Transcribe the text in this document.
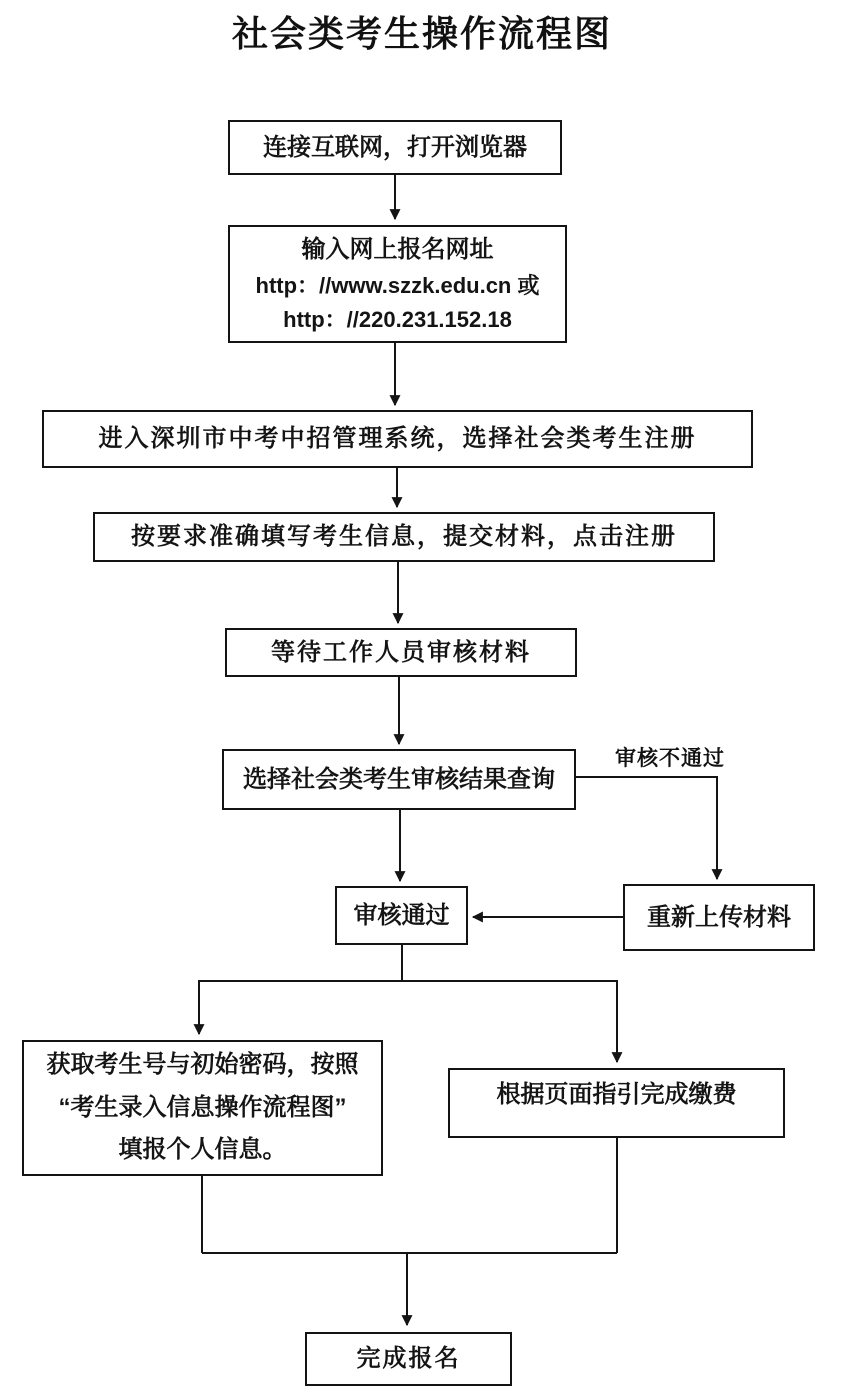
社会类考生操作流程图
连接互联网，打开浏览器
输入网上报名网址
http：//www.szzk.edu.cn 或
http：//220.231.152.18
进入深圳市中考中招管理系统，选择社会类考生注册
按要求准确填写考生信息，提交材料，点击注册
等待工作人员审核材料
选择社会类考生审核结果查询
审核通过	重新上传材料
获取考生号与初始密码，按照
“考生录入信息操作流程图”
填报个人信息。
根据页面指引完成缴费
完成报名
审核不通过
